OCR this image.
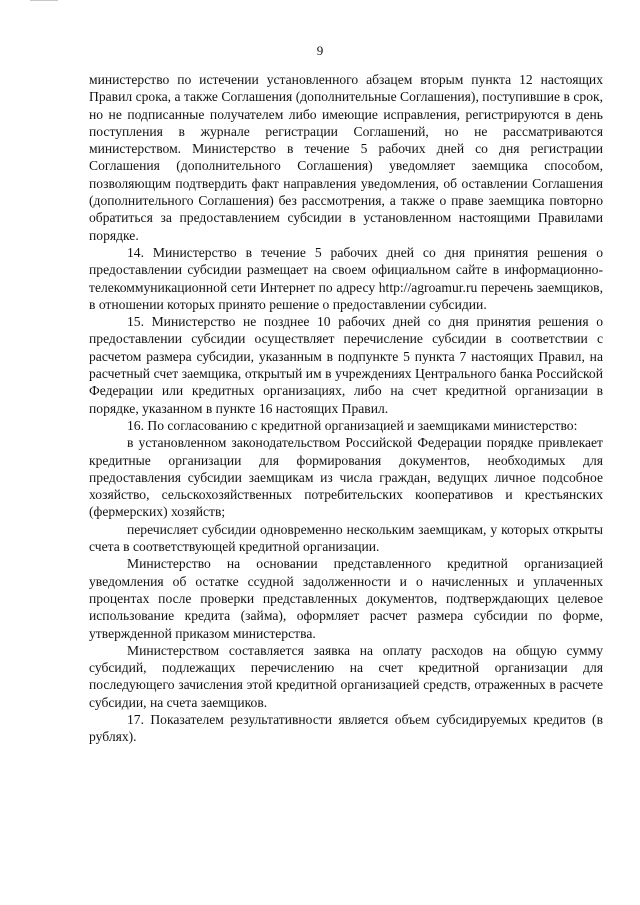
9

министерство по истечении установленного абзацем вторым пункта 12 настоящих Правил срока, а также Соглашения (дополнительные Соглашения), поступившие в срок, но не подписанные получателем либо имеющие исправления, регистрируются в день поступления в журнале регистрации Соглашений, но не рассматриваются министерством. Министерство в течение 5 рабочих дней со дня регистрации Соглашения (дополнительного Соглашения) уведомляет заемщика способом, позволяющим подтвердить факт направления уведомления, об оставлении Соглашения (дополнительного Соглашения) без рассмотрения, а также о праве заемщика повторно обратиться за предоставлением субсидии в установленном настоящими Правилами порядке.

14. Министерство в течение 5 рабочих дней со дня принятия решения о предоставлении субсидии размещает на своем официальном сайте в информационно-телекоммуникационной сети Интернет по адресу http://agroamur.ru перечень заемщиков, в отношении которых принято решение о предоставлении субсидии.

15. Министерство не позднее 10 рабочих дней со дня принятия решения о предоставлении субсидии осуществляет перечисление субсидии в соответствии с расчетом размера субсидии, указанным в подпункте 5 пункта 7 настоящих Правил, на расчетный счет заемщика, открытый им в учреждениях Центрального банка Российской Федерации или кредитных организациях, либо на счет кредитной организации в порядке, указанном в пункте 16 настоящих Правил.

16. По согласованию с кредитной организацией и заемщиками министерство:

в установленном законодательством Российской Федерации порядке привлекает кредитные организации для формирования документов, необходимых для предоставления субсидии заемщикам из числа граждан, ведущих личное подсобное хозяйство, сельскохозяйственных потребительских кооперативов и крестьянских (фермерских) хозяйств;

перечисляет субсидии одновременно нескольким заемщикам, у которых открыты счета в соответствующей кредитной организации.

Министерство на основании представленного кредитной организацией уведомления об остатке ссудной задолженности и о начисленных и уплаченных процентах после проверки представленных документов, подтверждающих целевое использование кредита (займа), оформляет расчет размера субсидии по форме, утвержденной приказом министерства.

Министерством составляется заявка на оплату расходов на общую сумму субсидий, подлежащих перечислению на счет кредитной организации для последующего зачисления этой кредитной организацией средств, отраженных в расчете субсидии, на счета заемщиков.

17. Показателем результативности является объем субсидируемых кредитов (в рублях).
